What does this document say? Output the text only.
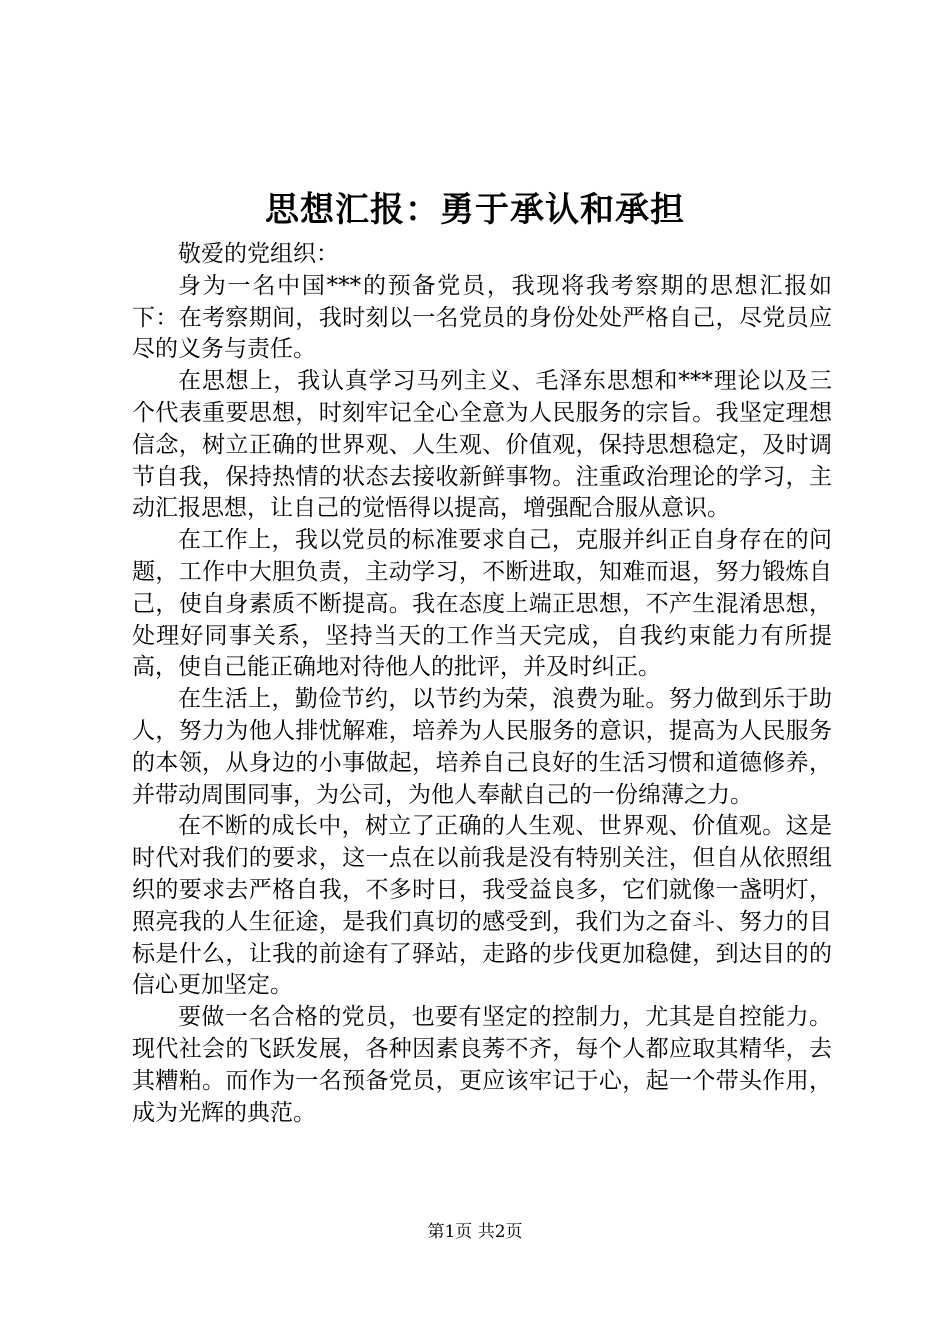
思想汇报：勇于承认和承担

敬爱的党组织：

身为一名中国***的预备党员，我现将我考察期的思想汇报如下：在考察期间，我时刻以一名党员的身份处处严格自己，尽党员应尽的义务与责任。

在思想上，我认真学习马列主义、毛泽东思想和***理论以及三个代表重要思想，时刻牢记全心全意为人民服务的宗旨。我坚定理想信念，树立正确的世界观、人生观、价值观，保持思想稳定，及时调节自我，保持热情的状态去接收新鲜事物。注重政治理论的学习，主动汇报思想，让自己的觉悟得以提高，增强配合服从意识。

在工作上，我以党员的标准要求自己，克服并纠正自身存在的问题，工作中大胆负责，主动学习，不断进取，知难而退，努力锻炼自己，使自身素质不断提高。我在态度上端正思想，不产生混淆思想，处理好同事关系，坚持当天的工作当天完成，自我约束能力有所提高，使自己能正确地对待他人的批评，并及时纠正。

在生活上，勤俭节约，以节约为荣，浪费为耻。努力做到乐于助人，努力为他人排忧解难，培养为人民服务的意识，提高为人民服务的本领，从身边的小事做起，培养自己良好的生活习惯和道德修养，并带动周围同事，为公司，为他人奉献自己的一份绵薄之力。

在不断的成长中，树立了正确的人生观、世界观、价值观。这是时代对我们的要求，这一点在以前我是没有特别关注，但自从依照组织的要求去严格自我，不多时日，我受益良多，它们就像一盏明灯，照亮我的人生征途，是我们真切的感受到，我们为之奋斗、努力的目标是什么，让我的前途有了驿站，走路的步伐更加稳健，到达目的的信心更加坚定。

要做一名合格的党员，也要有坚定的控制力，尤其是自控能力。现代社会的飞跃发展，各种因素良莠不齐，每个人都应取其精华，去其糟粕。而作为一名预备党员，更应该牢记于心，起一个带头作用，成为光辉的典范。

第1页 共2页
